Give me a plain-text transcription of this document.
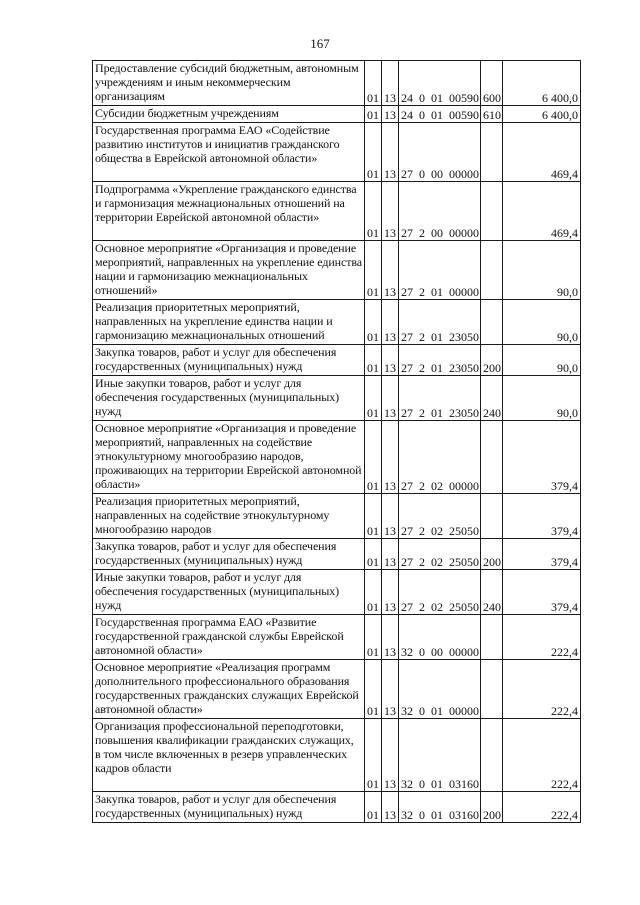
167
Предоставление субсидий бюджетным, автономным учреждениям и иным некоммерческим организациям	01	13	24 0 01 00590	600	6 400,0
Субсидии бюджетным учреждениям	01	13	24 0 01 00590	610	6 400,0
Государственная программа ЕАО «Содействие развитию институтов и инициатив гражданского общества в Еврейской автономной области»	01	13	27 0 00 00000		469,4
Подпрограмма «Укрепление гражданского единства и гармонизация межнациональных отношений на территории Еврейской автономной области»	01	13	27 2 00 00000		469,4
Основное мероприятие «Организация и проведение мероприятий, направленных на укрепление единства нации и гармонизацию межнациональных отношений»	01	13	27 2 01 00000		90,0
Реализация приоритетных мероприятий, направленных на укрепление единства нации и гармонизацию межнациональных отношений	01	13	27 2 01 23050		90,0
Закупка товаров, работ и услуг для обеспечения государственных (муниципальных) нужд	01	13	27 2 01 23050	200	90,0
Иные закупки товаров, работ и услуг для обеспечения государственных (муниципальных) нужд	01	13	27 2 01 23050	240	90,0
Основное мероприятие «Организация и проведение мероприятий, направленных на содействие этнокультурному многообразию народов, проживающих на территории Еврейской автономной области»	01	13	27 2 02 00000		379,4
Реализация приоритетных мероприятий, направленных на содействие этнокультурному многообразию народов	01	13	27 2 02 25050		379,4
Закупка товаров, работ и услуг для обеспечения государственных (муниципальных) нужд	01	13	27 2 02 25050	200	379,4
Иные закупки товаров, работ и услуг для обеспечения государственных (муниципальных) нужд	01	13	27 2 02 25050	240	379,4
Государственная программа ЕАО «Развитие государственной гражданской службы Еврейской автономной области»	01	13	32 0 00 00000		222,4
Основное мероприятие «Реализация программ дополнительного профессионального образования государственных гражданских служащих Еврейской автономной области»	01	13	32 0 01 00000		222,4
Организация профессиональной переподготовки, повышения квалификации гражданских служащих, в том числе включенных в резерв управленческих кадров области	01	13	32 0 01 03160		222,4
Закупка товаров, работ и услуг для обеспечения государственных (муниципальных) нужд	01	13	32 0 01 03160	200	222,4
